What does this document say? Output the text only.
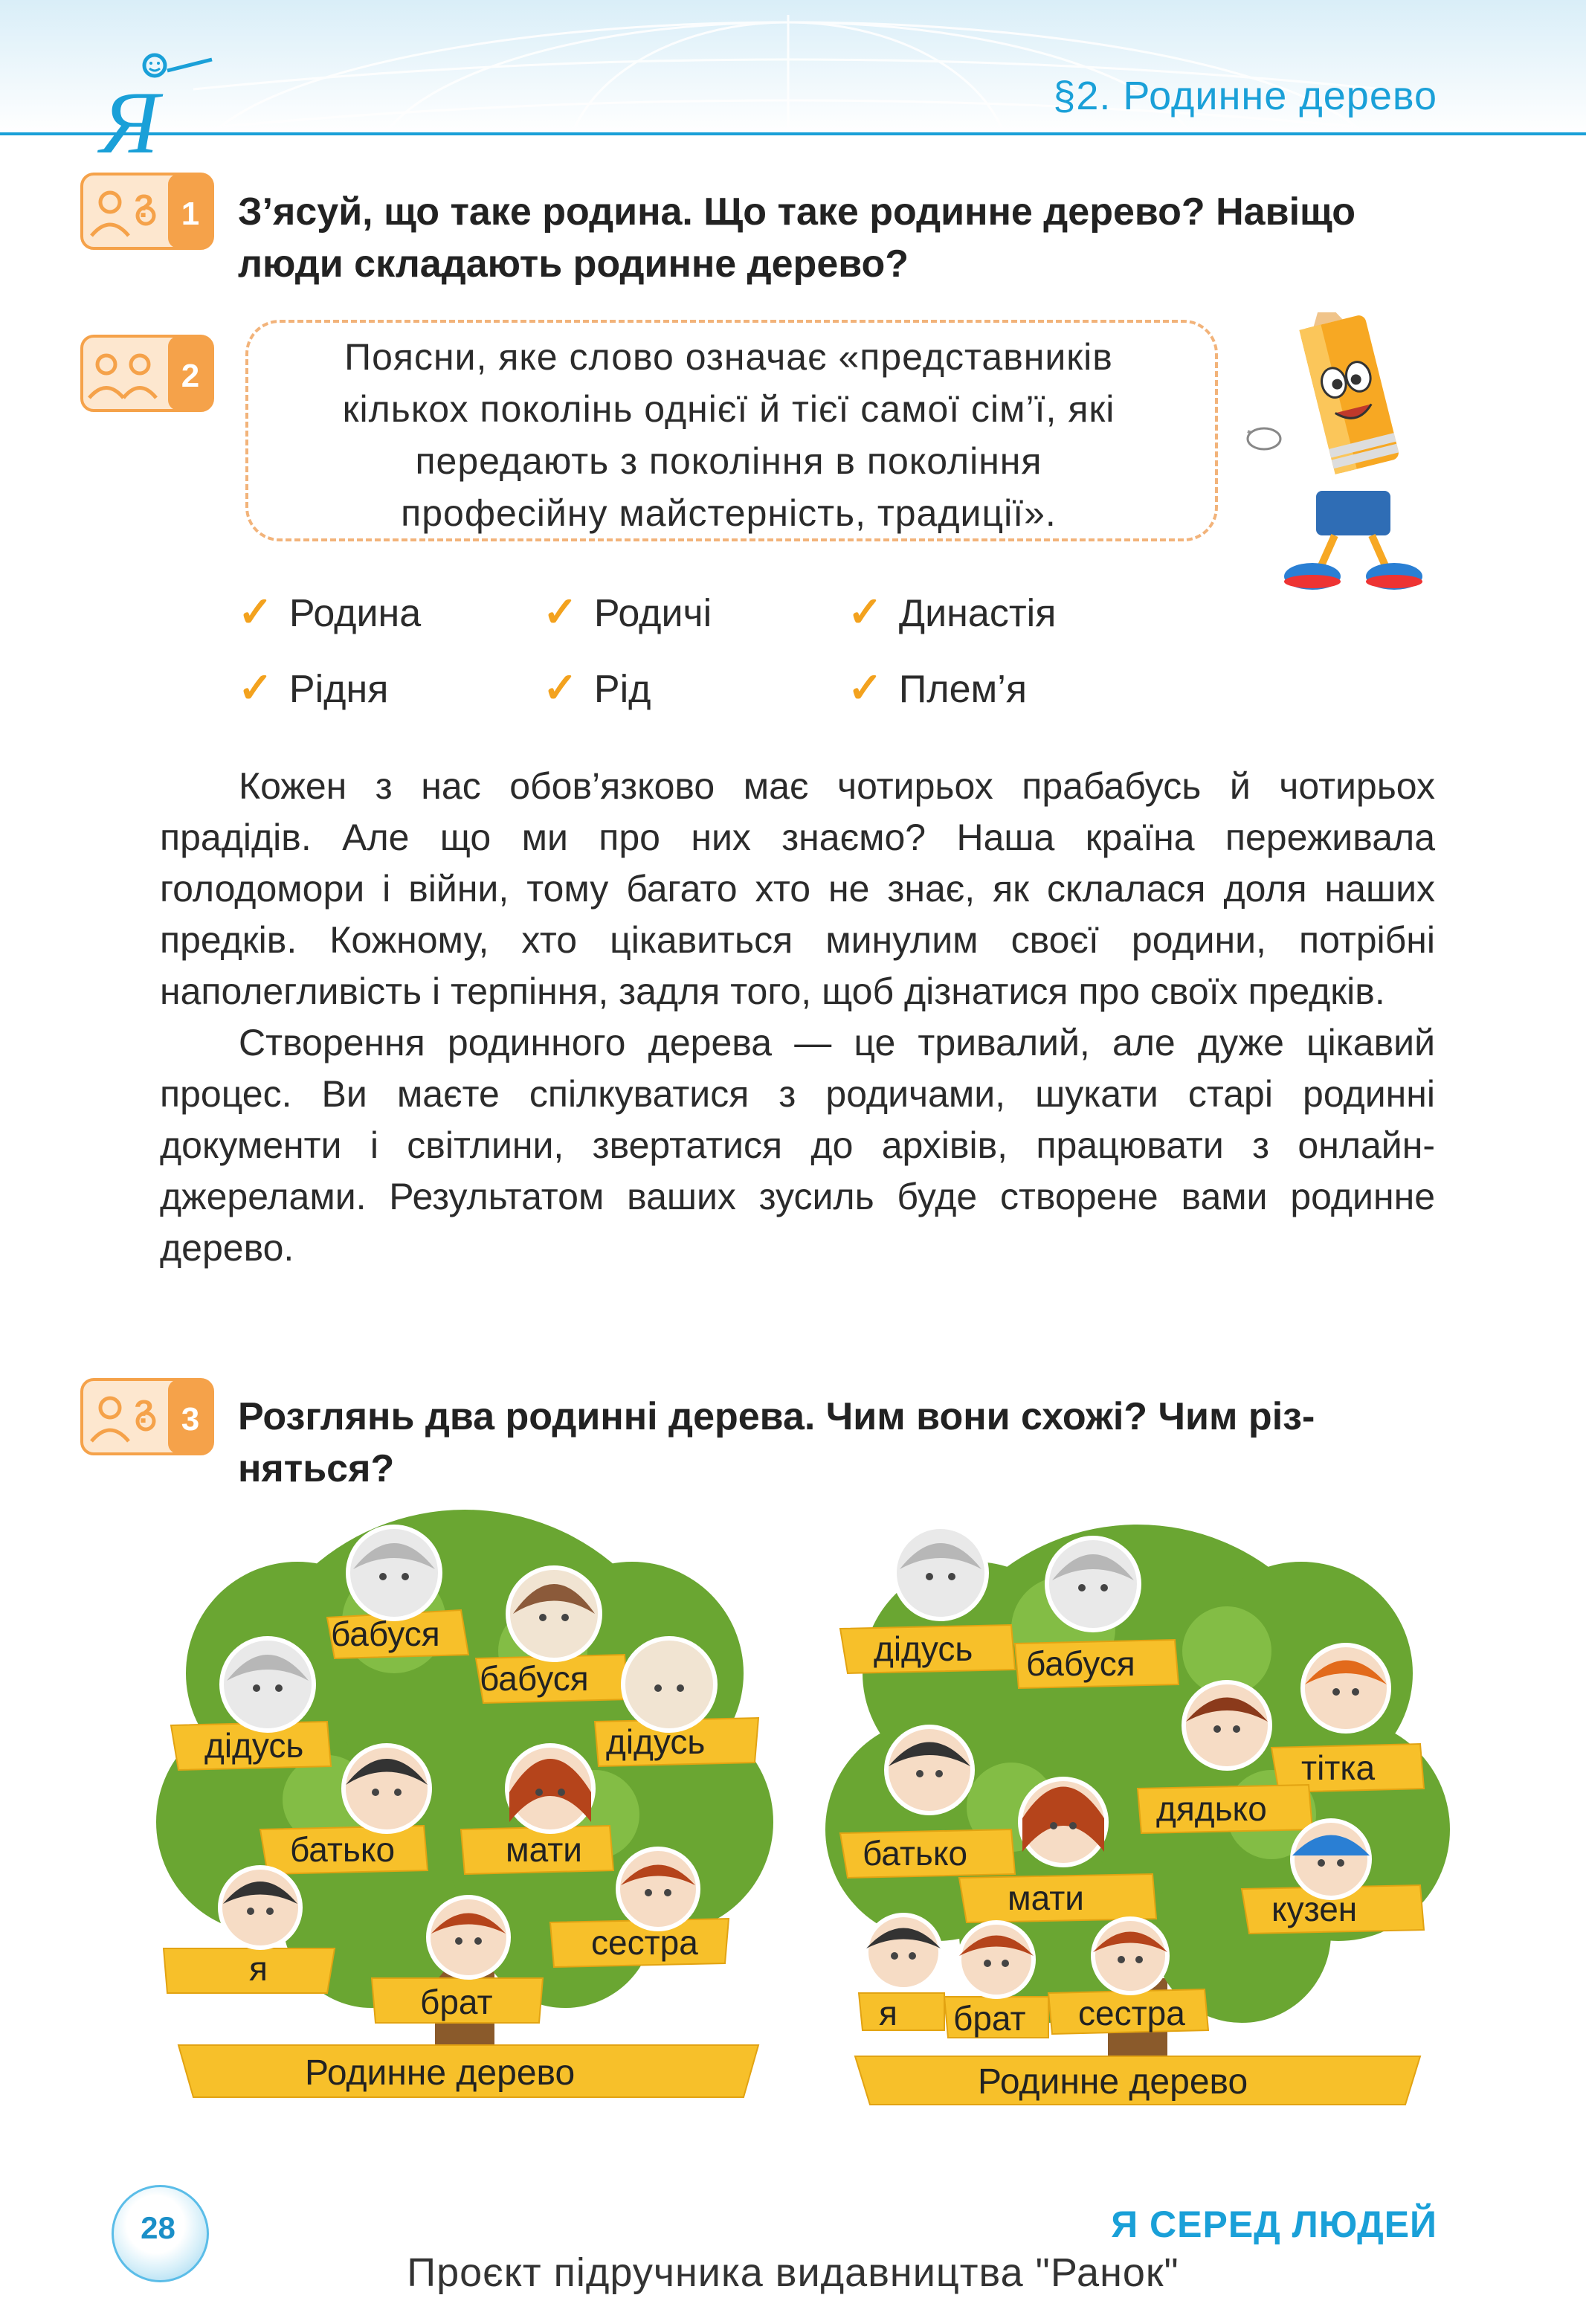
Я	§2. Родинне дерево
? 1 З’ясуй, що таке родина. Що таке родинне дерево? Навіщо
люди складають родинне дерево?
2	Поясни, яке слово означає «представників
кількох поколінь однієї й тієї самої сім’ї, які
передають з покоління в покоління
професійну майстерність, традиції».
✓ Родина	✓ Родичі	✓ Династія
✓ Рідня	✓ Рід	✓ Плем’я

Кожен з нас обов’язково має чотирьох прабабусь й чотирьох прадідів. Але що ми про них знаємо? Наша країна переживала голодомори і війни, тому багато хто не знає, як склалася доля наших предків. Кожному, хто цікавиться минулим своєї родини, потрібні наполегливість і терпіння, задля того, щоб дізнатися про своїх предків.

Створення родинного дерева — це тривалий, але дуже цікавий процес. Ви маєте спілкуватися з родичами, шукати старі родинні документи і світлини, звертатися до архівів, працювати з онлайн-джерелами. Результатом ваших зусиль буде створене вами родинне дерево.

? 3 Розглянь два родинні дерева. Чим вони схожі? Чим різ-
няться?
бабуся
бабуся
дідусь	дідусь
батько	мати
я
брат
сестра
Родинне дерево
дідусь бабуся
тітка
дядько
батько
мати	кузен
я брат сестра
Родинне дерево
28	Я СЕРЕД ЛЮДЕЙ
Проєкт підручника видавництва "Ранок"
